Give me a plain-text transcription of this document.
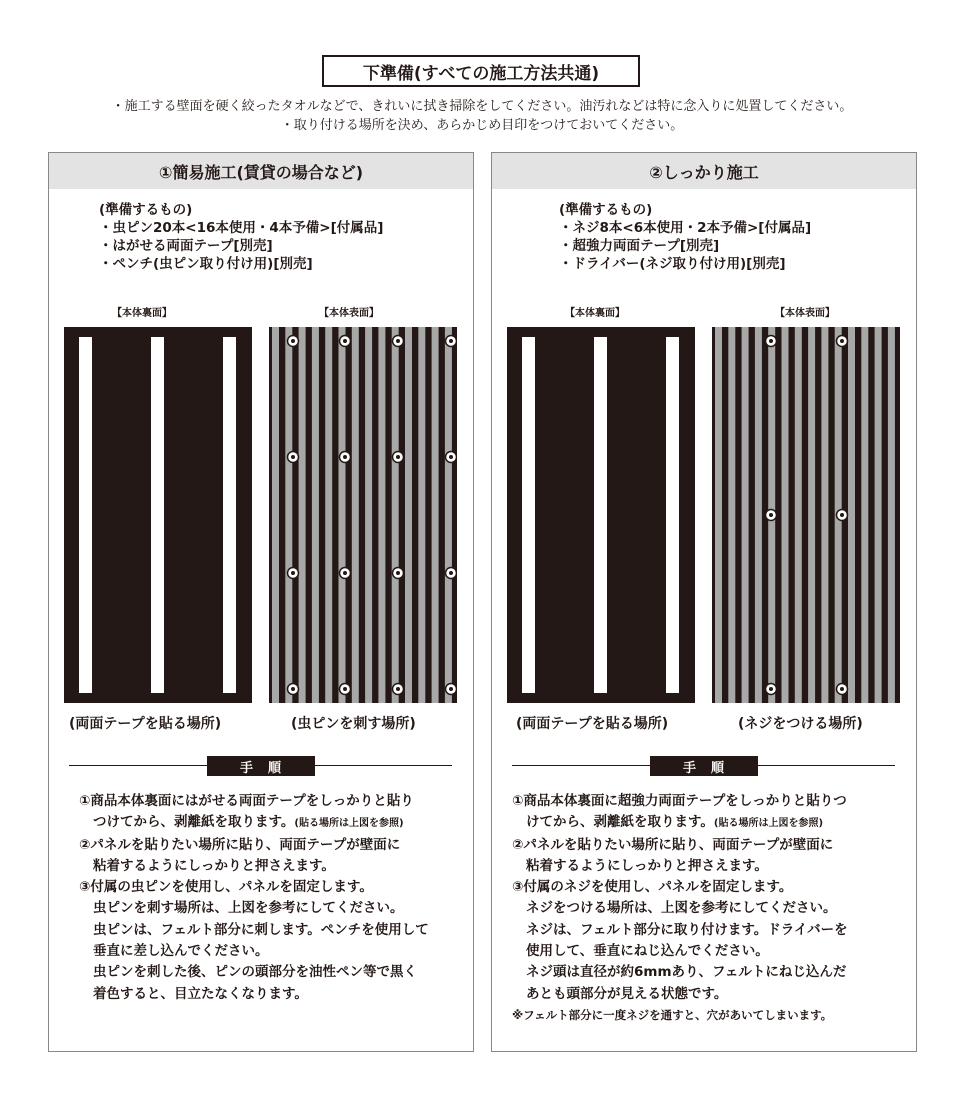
下準備(すべての施工方法共通)
・施工する壁面を硬く絞ったタオルなどで、きれいに拭き掃除をしてください。油汚れなどは特に念入りに処置してください。
・取り付ける場所を決め、あらかじめ目印をつけておいてください。
①簡易施工(賃貸の場合など)
(準備するもの)
・虫ピン20本<16本使用・4本予備>[付属品]
・はがせる両面テープ[別売]
・ペンチ(虫ピン取り付け用)[別売]
【本体裏面】	【本体表面】
(両面テープを貼る場所)	(虫ピンを刺す場所)
手　順
①商品本体裏面にはがせる両面テープをしっかりと貼り
つけてから、剥離紙を取ります。(貼る場所は上図を参照)
②パネルを貼りたい場所に貼り、両面テープが壁面に
粘着するようにしっかりと押さえます。
③付属の虫ピンを使用し、パネルを固定します。
虫ピンを刺す場所は、上図を参考にしてください。
虫ピンは、フェルト部分に刺します。ペンチを使用して
垂直に差し込んでください。
虫ピンを刺した後、ピンの頭部分を油性ペン等で黒く
着色すると、目立たなくなります。
②しっかり施工
(準備するもの)
・ネジ8本<6本使用・2本予備>[付属品]
・超強力両面テープ[別売]
・ドライバー(ネジ取り付け用)[別売]
【本体裏面】	【本体表面】
(両面テープを貼る場所)	(ネジをつける場所)
手　順
①商品本体裏面に超強力両面テープをしっかりと貼りつ
けてから、剥離紙を取ります。(貼る場所は上図を参照)
②パネルを貼りたい場所に貼り、両面テープが壁面に
粘着するようにしっかりと押さえます。
③付属のネジを使用し、パネルを固定します。
ネジをつける場所は、上図を参考にしてください。
ネジは、フェルト部分に取り付けます。ドライバーを
使用して、垂直にねじ込んでください。
ネジ頭は直径が約6mmあり、フェルトにねじ込んだ
あとも頭部分が見える状態です。
※フェルト部分に一度ネジを通すと、穴があいてしまいます。
